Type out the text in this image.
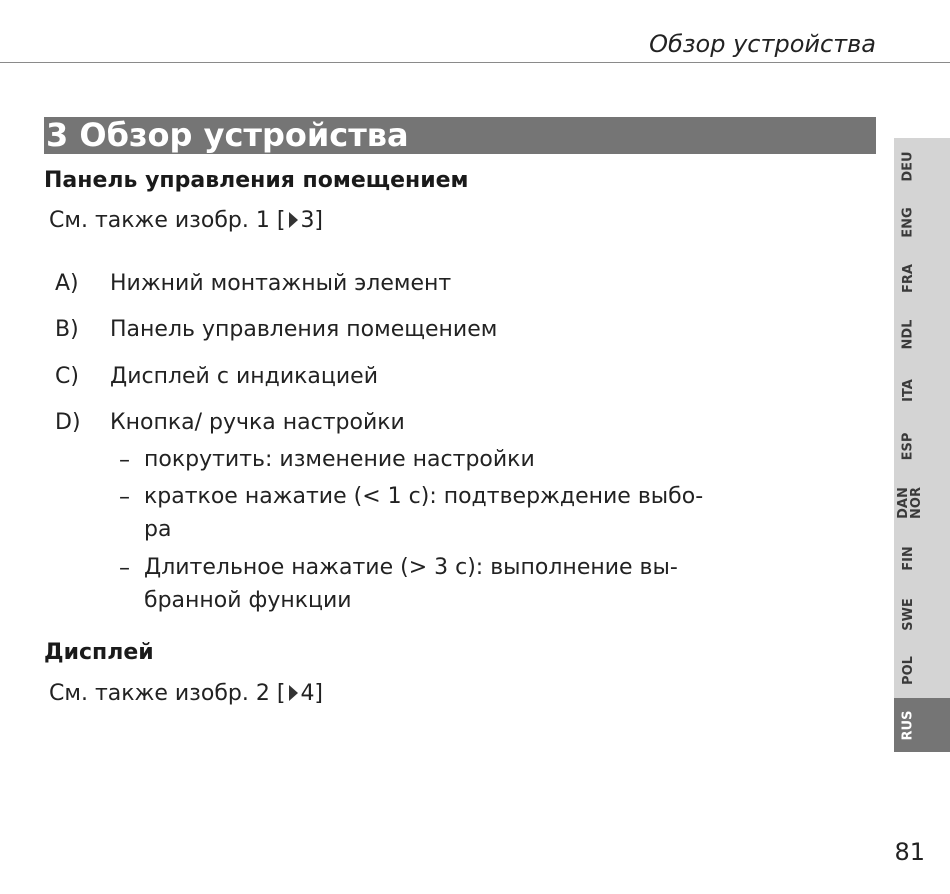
Обзор устройства
3 Обзор устройства
Панель управления помещением
См. также изобр. 1 [ 3]
A) Нижний монтажный элемент
B) Панель управления помещением
C) Дисплей с индикацией
D) Кнопка/ ручка настройки
– покрутить: изменение настройки
– краткое нажатие (< 1 с): подтверждение выбо-
ра
– Длительное нажатие (> 3 с): выполнение вы-
бранной функции
Дисплей
См. также изобр. 2 [ 4]
DEU
ENG
FRA
NDL
ITA
ESP
DAN NOR
FIN
SWE
POL
RUS
81
